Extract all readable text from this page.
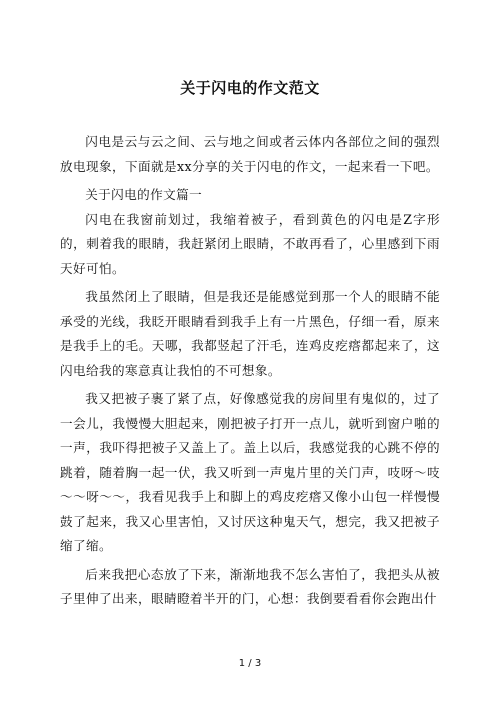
关于闪电的作文范文

闪电是云与云之间、云与地之间或者云体内各部位之间的强烈放电现象，下面就是xx分享的关于闪电的作文，一起来看一下吧。

关于闪电的作文篇一

闪电在我窗前划过，我缩着被子，看到黄色的闪电是Z字形的，刺着我的眼睛，我赶紧闭上眼睛，不敢再看了，心里感到下雨天好可怕。

我虽然闭上了眼睛，但是我还是能感觉到那一个人的眼睛不能承受的光线，我眨开眼睛看到我手上有一片黑色，仔细一看，原来是我手上的毛。天哪，我都竖起了汗毛，连鸡皮疙瘩都起来了，这闪电给我的寒意真让我怕的不可想象。

我又把被子裹了紧了点，好像感觉我的房间里有鬼似的，过了一会儿，我慢慢大胆起来，刚把被子打开一点儿，就听到窗户啪的一声，我吓得把被子又盖上了。盖上以后，我感觉我的心跳不停的跳着，随着胸一起一伏，我又听到一声鬼片里的关门声，吱呀～吱～～呀～～，我看见我手上和脚上的鸡皮疙瘩又像小山包一样慢慢鼓了起来，我又心里害怕，又讨厌这种鬼天气，想完，我又把被子缩了缩。

后来我把心态放了下来，渐渐地我不怎么害怕了，我把头从被子里伸了出来，眼睛瞪着半开的门，心想：我倒要看看你会跑出什

1 / 3
